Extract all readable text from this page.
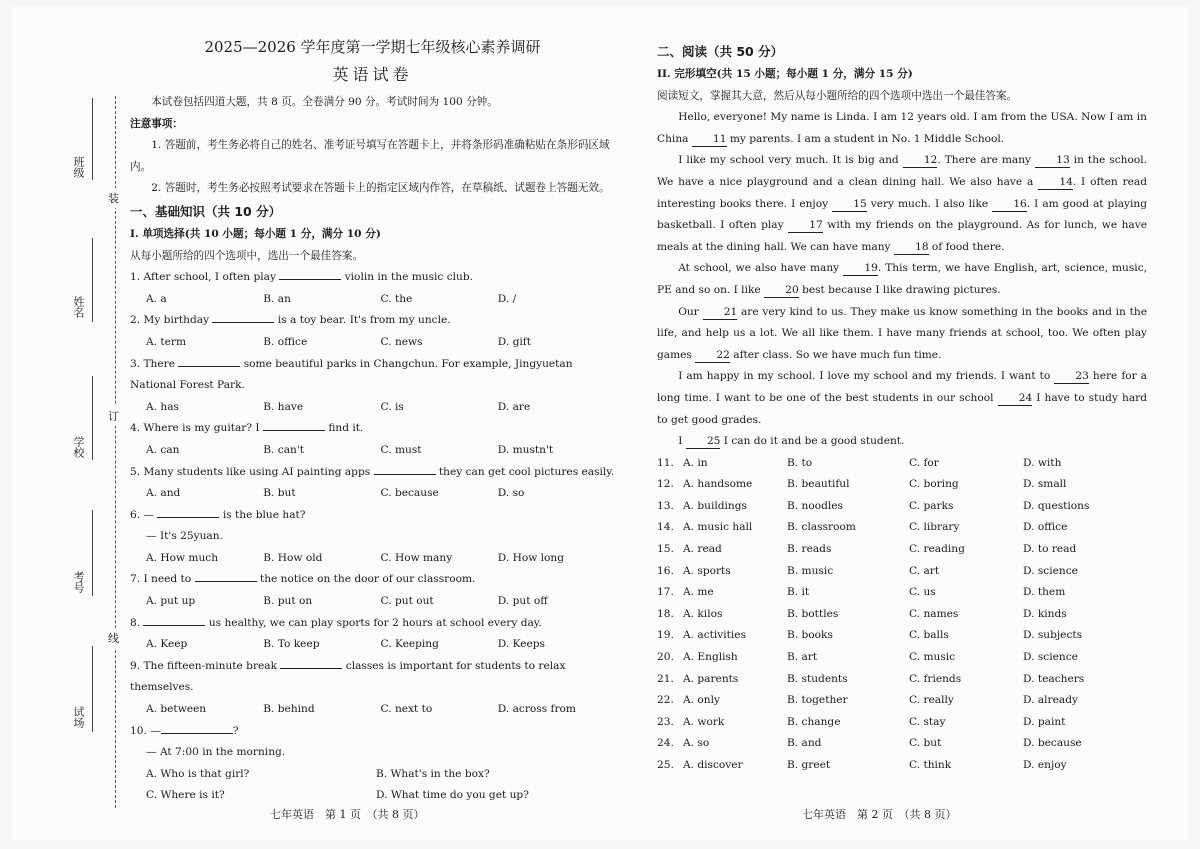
装
订
线
班级
姓名
学校
考号
试场
2025—2026 学年度第一学期七年级核心素养调研
英语试卷

本试卷包括四道大题，共 8 页。全卷满分 90 分。考试时间为 100 分钟。

注意事项：

1. 答题前，考生务必将自己的姓名、准考证号填写在答题卡上，并将条形码准确粘贴在条形码区域内。

2. 答题时，考生务必按照考试要求在答题卡上的指定区域内作答，在草稿纸、试题卷上答题无效。

一、基础知识（共 10 分）

I. 单项选择(共 10 小题；每小题 1 分，满分 10 分)

从每小题所给的四个选项中，选出一个最佳答案。

1. After school, I often play	violin in the music club.

A. a	B. an	C. the	D. /

2. My birthday	is a toy bear. It's from my uncle.

A. term	B. office	C. news	D. gift

3. There	some beautiful parks in Changchun. For example, Jingyuetan National Forest Park.

A. has	B. have	C. is	D. are

4. Where is my guitar? I	find it.

A. can	B. can't	C. must	D. mustn't

5. Many students like using AI painting apps	they can get cool pictures easily.

A. and	B. but	C. because	D. so

6. —	is the blue hat?

— It's 25yuan.

A. How much	B. How old	C. How many	D. How long

7. I need to	the notice on the door of our classroom.

A. put up	B. put on	C. put out	D. put off

8.	us healthy, we can play sports for 2 hours at school every day.

A. Keep	B. To keep	C. Keeping	D. Keeps

9. The fifteen-minute break	classes is important for students to relax themselves.

A. between	B. behind	C. next to	D. across from

10. —	?

— At 7:00 in the morning.

A. Who is that girl?	B. What's in the box?
C. Where is it?	D. What time do you get up?
七年英语　第 1 页　（共 8 页）
二、阅读（共 50 分）

II. 完形填空(共 15 小题；每小题 1 分，满分 15 分)

阅读短文，掌握其大意，然后从每小题所给的四个选项中选出一个最佳答案。

Hello, everyone! My name is Linda. I am 12 years old. I am from the USA. Now I am in China 11 my parents. I am a student in No. 1 Middle School.

I like my school very much. It is big and 12. There are many 13 in the school. We have a nice playground and a clean dining hall. We also have a 14. I often read interesting books there. I enjoy 15 very much. I also like 16. I am good at playing basketball. I often play 17 with my friends on the playground. As for lunch, we have meals at the dining hall. We can have many 18 of food there.

At school, we also have many 19. This term, we have English, art, science, music, PE and so on. I like 20 best because I like drawing pictures.

Our 21 are very kind to us. They make us know something in the books and in the life, and help us a lot. We all like them. I have many friends at school, too. We often play games 22 after class. So we have much fun time.

I am happy in my school. I love my school and my friends. I want to 23 here for a long time. I want to be one of the best students in our school 24 I have to study hard to get good grades.

I 25 I can do it and be a good student.

11. A. in	B. to	C. for	D. with
12. A. handsome	B. beautiful	C. boring	D. small
13. A. buildings	B. noodles	C. parks	D. questions
14. A. music hall	B. classroom	C. library	D. office
15. A. read	B. reads	C. reading	D. to read
16. A. sports	B. music	C. art	D. science
17. A. me	B. it	C. us	D. them
18. A. kilos	B. bottles	C. names	D. kinds
19. A. activities	B. books	C. balls	D. subjects
20. A. English	B. art	C. music	D. science
21. A. parents	B. students	C. friends	D. teachers
22. A. only	B. together	C. really	D. already
23. A. work	B. change	C. stay	D. paint
24. A. so	B. and	C. but	D. because
25. A. discover	B. greet	C. think	D. enjoy
七年英语　第 2 页　（共 8 页）
